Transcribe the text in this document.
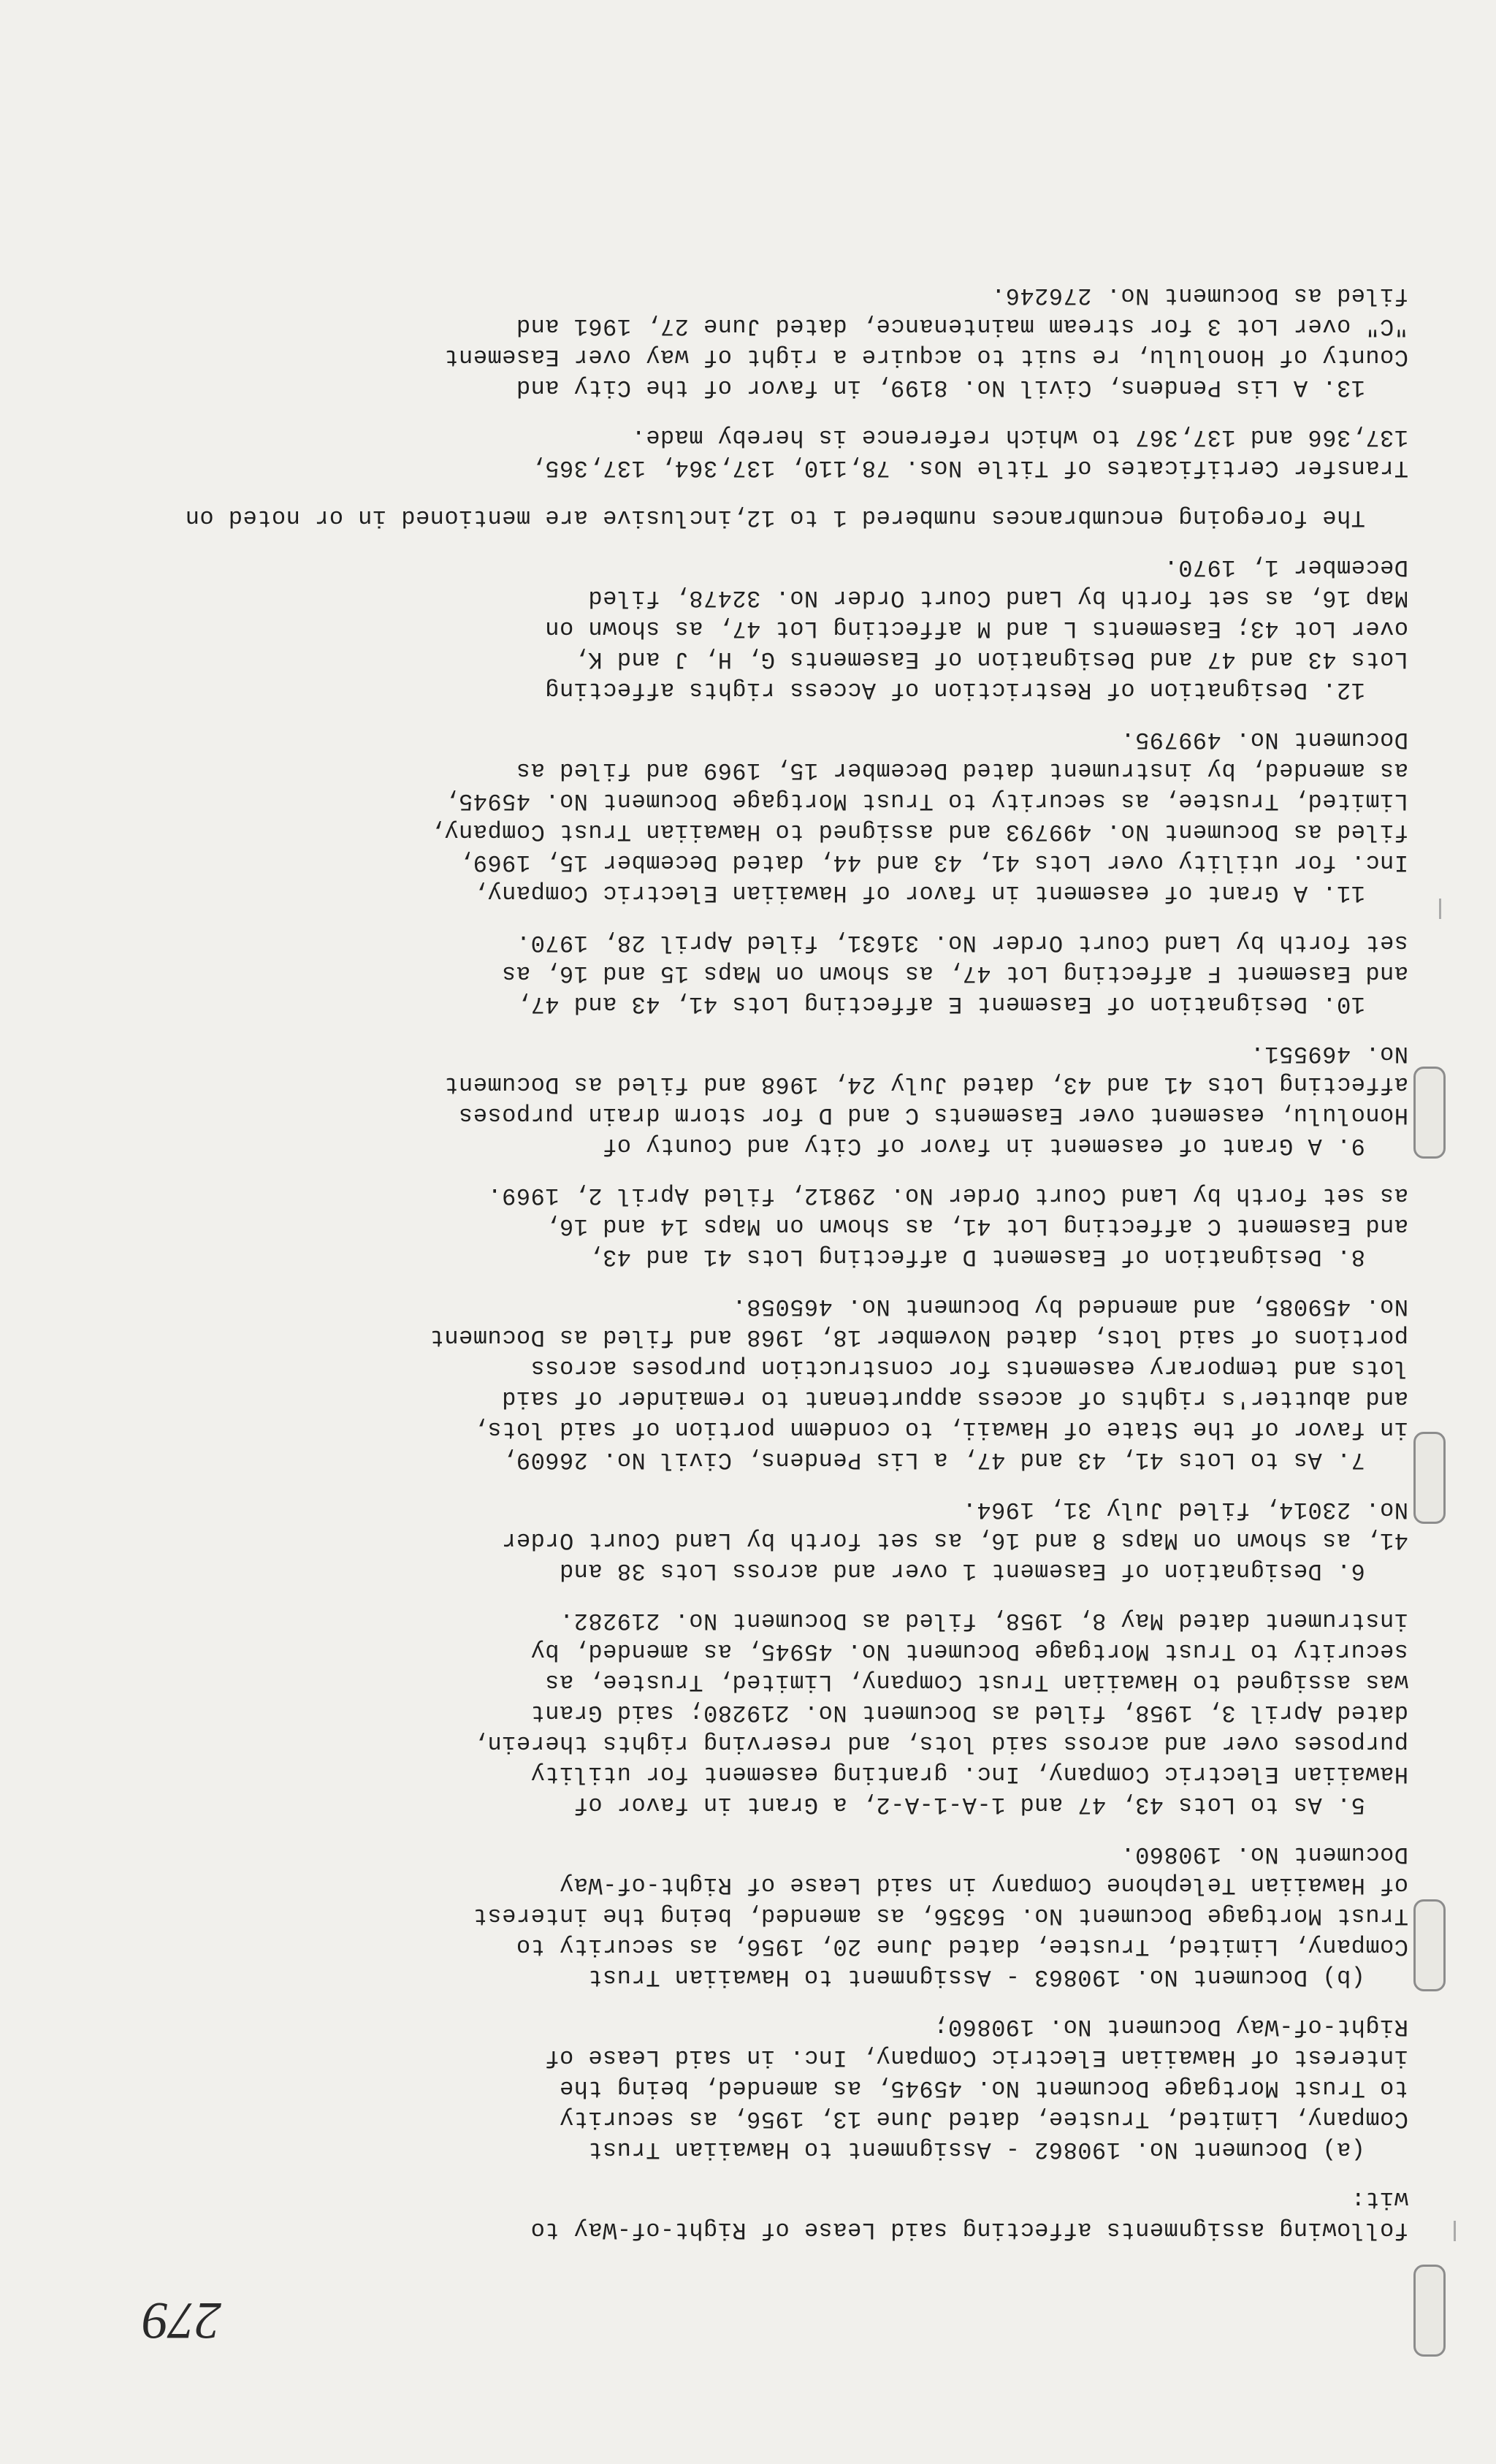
279
following assignments affecting said Lease of Right-of-Way to
wit:
(a) Document No. 190862 - Assignment to Hawaiian Trust
Company, Limited, Trustee, dated June 13, 1956, as security
to Trust Mortgage Document No. 45945, as amended, being the
interest of Hawaiian Electric Company, Inc. in said Lease of
Right-of-Way Document No. 190860;
(b) Document No. 190863 - Assignment to Hawaiian Trust
Company, Limited, Trustee, dated June 20, 1956, as security to
Trust Mortgage Document No. 56356, as amended, being the interest
of Hawaiian Telephone Company in said Lease of Right-of-Way
Document No. 190860.
5. As to Lots 43, 47 and 1-A-1-A-2, a Grant in favor of
Hawaiian Electric Company, Inc. granting easement for utility
purposes over and across said lots, and reserving rights therein,
dated April 3, 1958, filed as Document No. 219280; said Grant
was assigned to Hawaiian Trust Company, Limited, Trustee, as
security to Trust Mortgage Document No. 45945, as amended, by
instrument dated May 8, 1958, filed as Document No. 219282.
6. Designation of Easement 1 over and across Lots 38 and
41, as shown on Maps 8 and 16, as set forth by Land Court Order
No. 23014, filed July 31, 1964.
7. As to Lots 41, 43 and 47, a Lis Pendens, Civil No. 26609,
in favor of the State of Hawaii, to condemn portion of said lots,
and abutter's rights of access appurtenant to remainder of said
lots and temporary easements for construction purposes across
portions of said lots, dated November 18, 1968 and filed as Document
No. 459085, and amended by Document No. 465058.
8. Designation of Easement D affecting Lots 41 and 43,
and Easement C affecting Lot 41, as shown on Maps 14 and 16,
as set forth by Land Court Order No. 29812, filed April 2, 1969.
9. A Grant of easement in favor of City and County of
Honolulu, easement over Easements C and D for storm drain purposes
affecting Lots 41 and 43, dated July 24, 1968 and filed as Document
No. 469551.
10. Designation of Easement E affecting Lots 41, 43 and 47,
and Easement F affecting Lot 47, as shown on Maps 15 and 16, as
set forth by Land Court Order No. 31631, filed April 28, 1970.
11. A Grant of easement in favor of Hawaiian Electric Company,
Inc. for utility over Lots 41, 43 and 44, dated December 15, 1969,
filed as Document No. 499793 and assigned to Hawaiian Trust Company,
Limited, Trustee, as security to Trust Mortgage Document No. 45945,
as amended, by instrument dated December 15, 1969 and filed as
Document No. 499795.
12. Designation of Restriction of Access rights affecting
Lots 43 and 47 and Designation of Easements G, H, J and K,
over Lot 43; Easements L and M affecting Lot 47, as shown on
Map 16, as set forth by Land Court Order No. 32478, filed
December 1, 1970.
The foregoing encumbrances numbered 1 to 12,inclusive are mentioned in or noted on
Transfer Certificates of Title Nos. 78,110, 137,364, 137,365,
137,366 and 137,367 to which reference is hereby made.
13. A Lis Pendens, Civil No. 8199, in favor of the City and
County of Honolulu, re suit to acquire a right of way over Easement
"C" over Lot 3 for stream maintenance, dated June 27, 1961 and
filed as Document No. 276246.
